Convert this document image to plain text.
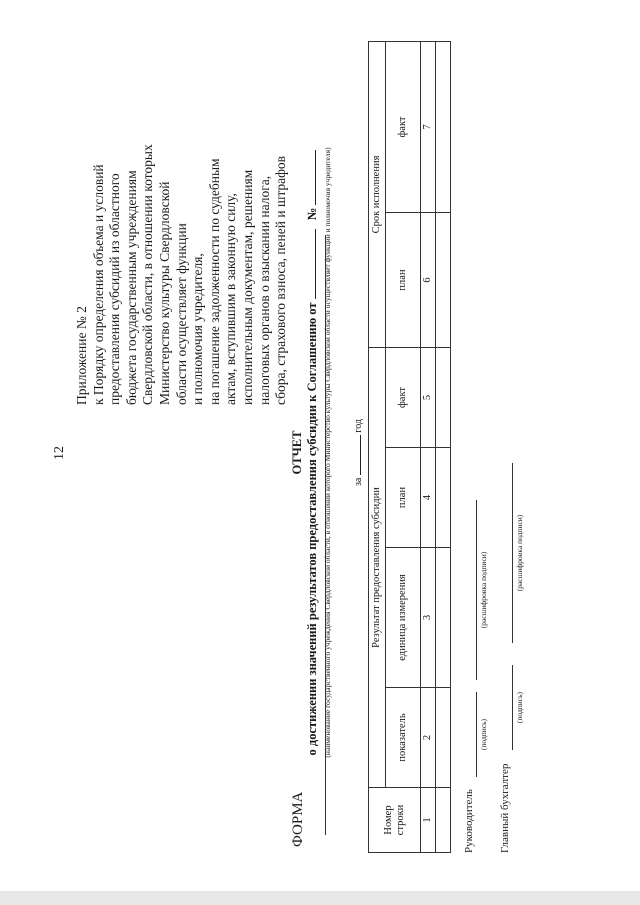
12
Приложение № 2 к Порядку определения объема и условий предоставления субсидий из областного бюджета государственным учреждениям Свердловской области, в отношении которых Министерство культуры Свердловской области осуществляет функции и полномочия учредителя, на погашение задолженности по судебным актам, вступившим в законную силу, исполнительным документам, решениям налоговых органов о взыскании налога, сбора, страхового взноса, пеней и штрафов
ФОРМА
ОТЧЕТ о достижении значений результатов предоставления субсидии к Соглашению от  № (наименование государственного учреждения Свердловской области, в отношении которого Министерство культуры Свердловской области осуществляет функции и полномочия учредителя)	за  год
Номер строки	Результат предоставления субсидии				Срок исполнения	
	показатель	единица измерения	план	факт	план	факт
1	2	3	4	5	6	7

Руководитель
(подпись)
(расшифровка подписи)
Главный бухгалтер
(подпись)
(расшифровка подписи)
